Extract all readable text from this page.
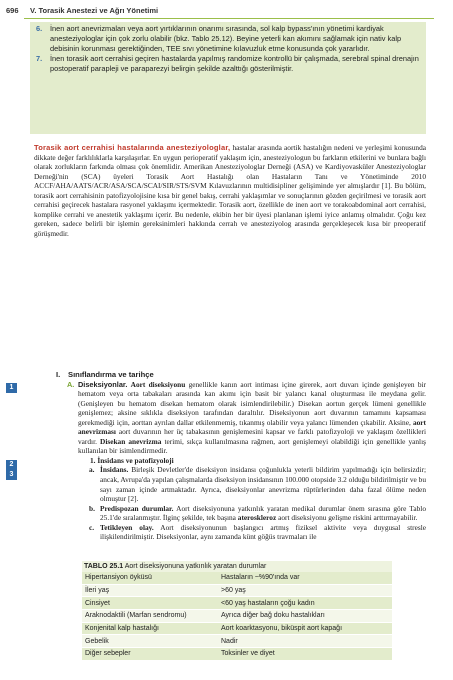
696 V. Torasik Anestezi ve Ağrı Yönetimi
6. İnen aort anevrizmaları veya aort yırtıklarının onarımı sırasında, sol kalp bypass'ının yönetimi kardiyak anesteziyologlar için çok zorlu olabilir (bkz. Tablo 25.12). Beyine yeterli kan akımını sağlamak için nativ kalp debisinin korunması gerektiğinden, TEE sıvı yönetimine kılavuzluk etme konusunda çok yararlıdır.
7. İnen torasik aort cerrahisi geçiren hastalarda yapılmış randomize kontrollü bir çalışmada, serebral spinal drenajın postoperatif parapleji ve paraparezyi belirgin şekilde azalttığı gösterilmiştir.
Torasik aort cerrahisi hastalarında anesteziyologlar, hastalar arasında aortik hastalığın nedeni ve yerleşimi konusunda dikkate değer farklılıklarla karşılaşırlar. En uygun perioperatif yaklaşım için, anesteziyologun bu farkların etkilerini ve bunlara bağlı olarak zorlukların farkında olması çok önemlidir. Amerikan Anesteziyologlar Derneği (ASA) ve Kardiyovasküler Anesteziyologlar Derneği'nin (SCA) üyeleri Torasik Aort Hastalığı olan Hastaların Tanı ve Yönetiminde 2010 ACCF/AHA/AATS/ACR/ASA/SCA/SCAI/SIR/STS/SVM Kılavuzlarının multidisipliner gelişiminde yer almışlardır [1]. Bu bölüm, torasik aort cerrahisinin patofizyolojisine kısa bir genel bakış, cerrahi yaklaşımlar ve sonuçlarının gözden geçirilmesi ve torasik aort cerrahisi geçirecek hastalara rasyonel yaklaşımı içermektedir. Torasik aort, özellikle de inen aort ve torakoabdominal aort cerrahisi, komplike cerrahi ve anestetik yaklaşımı içerir. Bu nedenle, ekibin her bir üyesi planlanan işlemi iyice anlamış olmalıdır. Çoğu kez gereken, sadece belirli bir işlemin gereksinimleri hakkında cerrah ve anesteziyolog arasında gerçekleşecek kısa bir preoperatif görüşmedir.
1
2
3
I. Sınıflandırma ve tarihçe
A. Diseksiyonlar. Aort diseksiyonu genellikle kanın aort intiması içine girerek, aort duvarı içinde genişleyen bir hematom veya orta tabakaları arasında kan akımı için basit bir yalancı kanal oluşturması ile meydana gelir. (Genişleyen bu hematom disekan hematom olarak isimlendirilebilir.) Disekan aortun gerçek lümeni genellikle genişlemez; aksine sıklıkla diseksiyon tarafından daraltılır. Diseksiyonun aort duvarının tamamını kapsaması gerekmediği için, aorttan ayrılan dallar etkilenmemiş, tıkanmış olabilir veya yalancı lümenden çıkabilir. Aksine, aort anevrizması aort duvarının her üç tabakasının genişlemesini kapsar ve farklı patofizyoloji ve yaklaşım özellikleri vardır. Disekan anevrizma terimi, sıkça kullanılmasına rağmen, aort genişlemeyi olabildiği için genellikle yanlış kullanılan bir isimlendirmedir.
1. İnsidans ve patofizyoloji
a. İnsidans. Birleşik Devletler'de diseksiyon insidansı çoğunlukla yeterli bildirim yapılmadığı için belirsizdir; ancak, Avrupa'da yapılan çalışmalarda diseksiyon insidansının 100.000 otopside 3.2 olduğu bildirilmiştir ve bu sayı zaman içinde artmaktadır. Ayrıca, diseksiyonlar anevrizma rüptürlerinden daha fazal ölüme neden olmuştur [2].
b. Predispozan durumlar. Aort diseksiyonuna yatkınlık yaratan medikal durumlar önem sırasına göre Tablo 25.1'de sıralanmıştır. İlginç şekilde, tek başına ateroskleroz aort diseksiyonu gelişme riskini arttırmayabilir.
c. Tetikleyen olay. Aort diseksiyonunun başlangıcı artmış fiziksel aktivite veya duygusal stresle ilişkilendirilmiştir. Diseksiyonlar, aynı zamanda künt göğüs travmaları ile
TABLO 25.1 Aort diseksiyonuna yatkınlık yaratan durumlar
Hipertansiyon öyküsü	Hastaların ~%90'ında var
İleri yaş	>60 yaş
Cinsiyet	<60 yaş hastaların çoğu kadın
Araknodaktili (Marfan sendromu)	Ayrıca diğer bağ doku hastalıkları
Konjenital kalp hastalığı	Aort koarktasyonu, biküspit aort kapağı
Gebelik	Nadir
Diğer sebepler	Toksinler ve diyet
